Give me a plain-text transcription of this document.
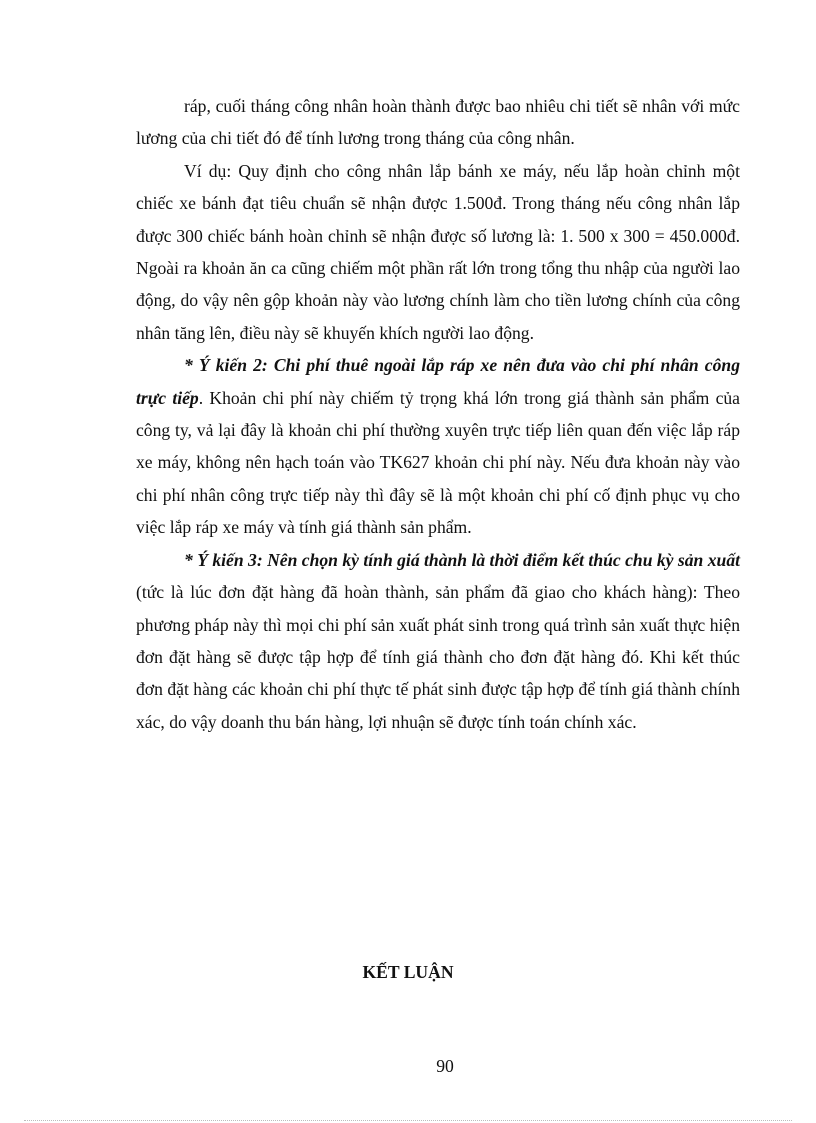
ráp, cuối tháng công nhân hoàn thành được bao nhiêu chi tiết sẽ nhân với mức lương của chi tiết đó để tính lương trong tháng của công nhân.

Ví dụ: Quy định cho công nhân lắp bánh xe máy, nếu lắp hoàn chỉnh một chiếc xe bánh đạt tiêu chuẩn sẽ nhận được 1.500đ. Trong tháng nếu công nhân lắp được 300 chiếc bánh hoàn chỉnh sẽ nhận được số lương là: 1. 500 x 300 = 450.000đ. Ngoài ra khoản ăn ca cũng chiếm một phần rất lớn trong tổng thu nhập của người lao động, do vậy nên gộp khoản này vào lương chính làm cho tiền lương chính của công nhân tăng lên, điều này sẽ khuyến khích người lao động.

* Ý kiến 2: Chi phí thuê ngoài lắp ráp xe nên đưa vào chi phí nhân công trực tiếp. Khoản chi phí này chiếm tỷ trọng khá lớn trong giá thành sản phẩm của công ty, vả lại đây là khoản chi phí thường xuyên trực tiếp liên quan đến việc lắp ráp xe máy, không nên hạch toán vào TK627 khoản chi phí này. Nếu đưa khoản này vào chi phí nhân công trực tiếp này thì đây sẽ là một khoản chi phí cố định phục vụ cho việc lắp ráp xe máy và tính giá thành sản phẩm.

* Ý kiến 3: Nên chọn kỳ tính giá thành là thời điểm kết thúc chu kỳ sản xuất (tức là lúc đơn đặt hàng đã hoàn thành, sản phẩm đã giao cho khách hàng): Theo phương pháp này thì mọi chi phí sản xuất phát sinh trong quá trình sản xuất thực hiện đơn đặt hàng sẽ được tập hợp để tính giá thành cho đơn đặt hàng đó. Khi kết thúc đơn đặt hàng các khoản chi phí thực tế phát sinh được tập hợp để tính giá thành chính xác, do vậy doanh thu bán hàng, lợi nhuận sẽ được tính toán chính xác.

KẾT LUẬN
90
